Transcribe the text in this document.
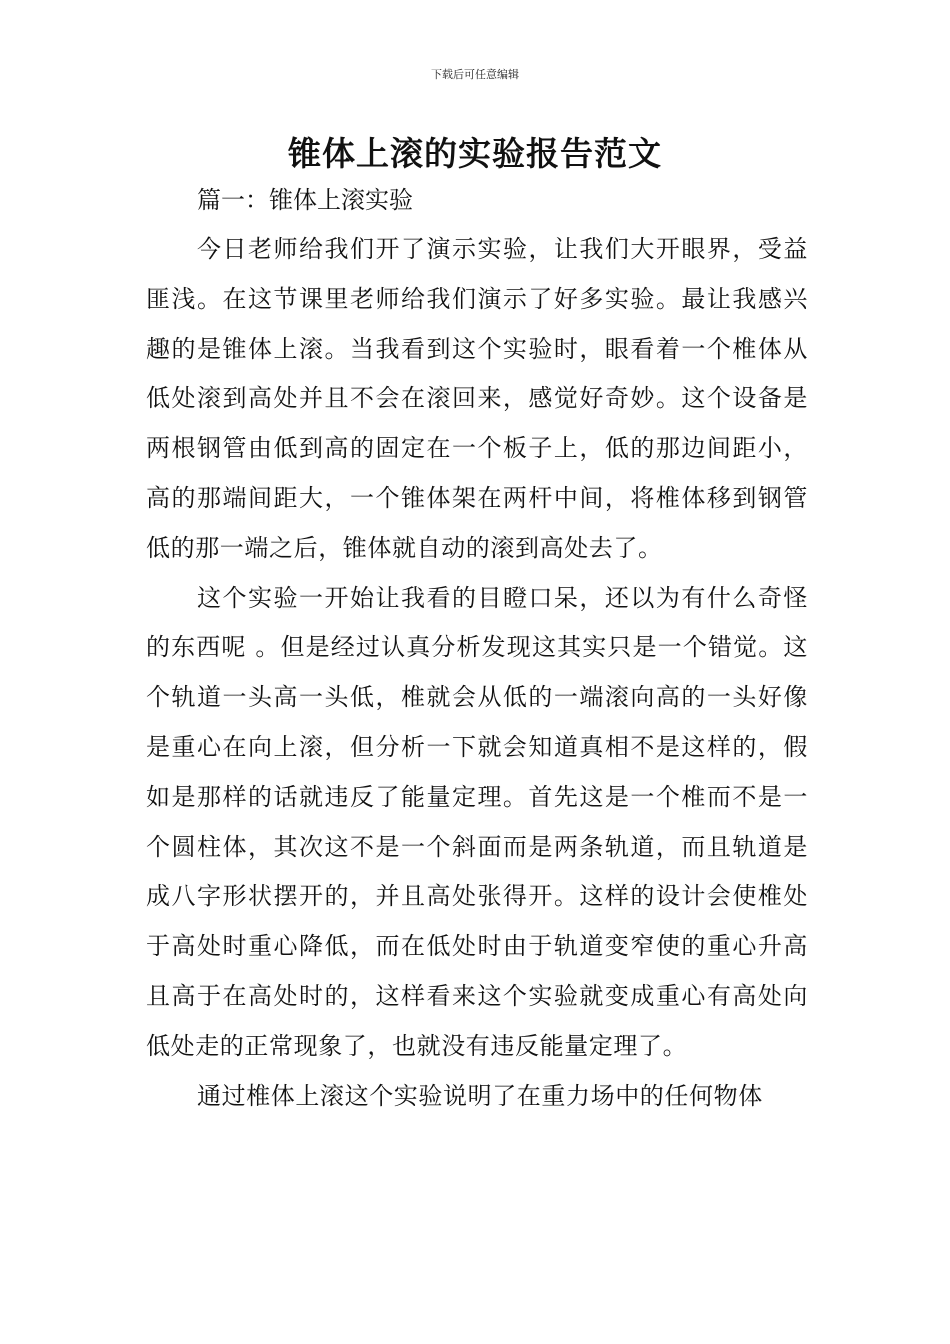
下载后可任意编辑
锥体上滚的实验报告范文
篇一：锥体上滚实验

今日老师给我们开了演示实验，让我们大开眼界，受益匪浅。在这节课里老师给我们演示了好多实验。最让我感兴趣的是锥体上滚。当我看到这个实验时，眼看着一个椎体从低处滚到高处并且不会在滚回来，感觉好奇妙。这个设备是两根钢管由低到高的固定在一个板子上，低的那边间距小，高的那端间距大，一个锥体架在两杆中间，将椎体移到钢管低的那一端之后，锥体就自动的滚到高处去了。

这个实验一开始让我看的目瞪口呆，还以为有什么奇怪的东西呢 。但是经过认真分析发现这其实只是一个错觉。这个轨道一头高一头低，椎就会从低的一端滚向高的一头好像是重心在向上滚，但分析一下就会知道真相不是这样的，假如是那样的话就违反了能量定理。首先这是一个椎而不是一个圆柱体，其次这不是一个斜面而是两条轨道，而且轨道是成八字形状摆开的，并且高处张得开。这样的设计会使椎处于高处时重心降低，而在低处时由于轨道变窄使的重心升高且高于在高处时的，这样看来这个实验就变成重心有高处向低处走的正常现象了，也就没有违反能量定理了。

通过椎体上滚这个实验说明了在重力场中的任何物体
